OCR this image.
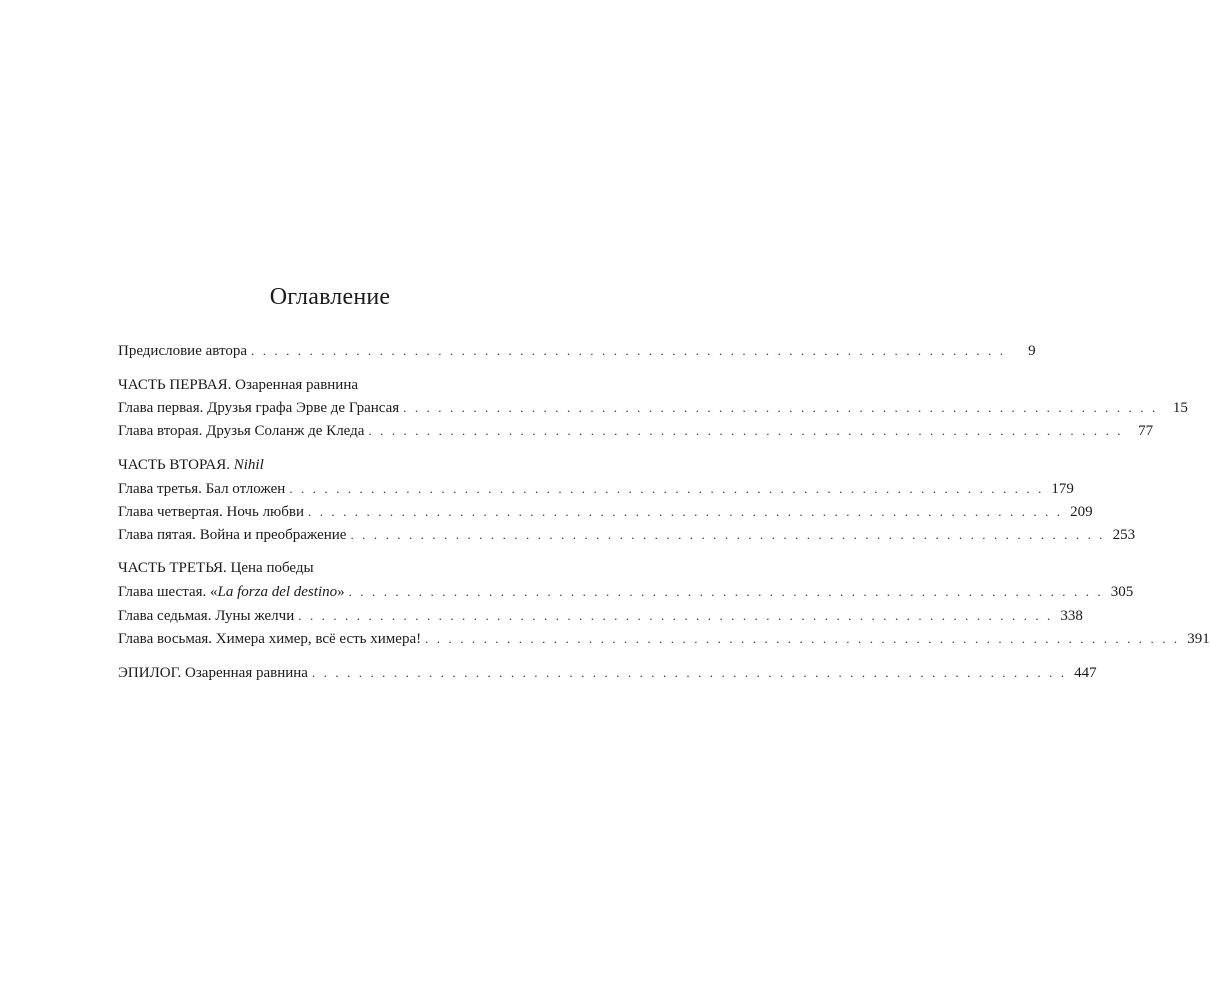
Оглавление
Предисловие автора . . . . . . . . . . . . . . . . . . . . . . . . . . . . . . . . . . . . . . . . . . . . . . . . . . . . . . . . . . . . . . . . .	9
ЧАСТЬ ПЕРВАЯ. Озаренная равнина
Глава первая. Друзья графа Эрве де Грансая . . . . . . . . . . . . . . . . . . . . . . . . . . . . . . . . . . . . . . . . . . . . . . . . . . . . . . . . . . . . . . . . .	15
Глава вторая. Друзья Соланж де Кледа . . . . . . . . . . . . . . . . . . . . . . . . . . . . . . . . . . . . . . . . . . . . . . . . . . . . . . . . . . . . . . . . .	77
ЧАСТЬ ВТОРАЯ. Nihil
Глава третья. Бал отложен . . . . . . . . . . . . . . . . . . . . . . . . . . . . . . . . . . . . . . . . . . . . . . . . . . . . . . . . . . . . . . . . . 179
Глава четвертая. Ночь любви . . . . . . . . . . . . . . . . . . . . . . . . . . . . . . . . . . . . . . . . . . . . . . . . . . . . . . . . . . . . . . . . . 209
Глава пятая. Война и преображение . . . . . . . . . . . . . . . . . . . . . . . . . . . . . . . . . . . . . . . . . . . . . . . . . . . . . . . . . . . . . . . . . 253
ЧАСТЬ ТРЕТЬЯ. Цена победы
Глава шестая. «La forza del destino» . . . . . . . . . . . . . . . . . . . . . . . . . . . . . . . . . . . . . . . . . . . . . . . . . . . . . . . . . . . . . . . . . 305
Глава седьмая. Луны желчи . . . . . . . . . . . . . . . . . . . . . . . . . . . . . . . . . . . . . . . . . . . . . . . . . . . . . . . . . . . . . . . . . 338
Глава восьмая. Химера химер, всё есть химера! . . . . . . . . . . . . . . . . . . . . . . . . . . . . . . . . . . . . . . . . . . . . . . . . . . . . . . . . . . . . . . . . . 391
ЭПИЛОГ. Озаренная равнина . . . . . . . . . . . . . . . . . . . . . . . . . . . . . . . . . . . . . . . . . . . . . . . . . . . . . . . . . . . . . . . . . 447
